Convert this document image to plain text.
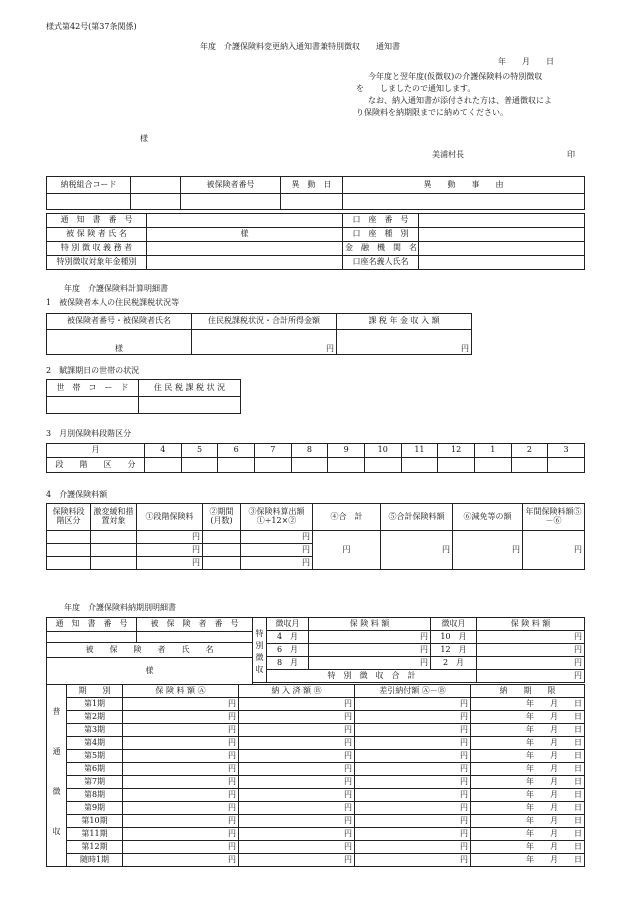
様式第42号(第37条関係)
年度　介護保険料変更納入通知書兼特別徴収　　通知書
年　　月　　日
今年度と翌年度(仮徴収)の介護保険料の特別徴収
を　　しましたので通知します。
なお、納入通知書が添付された方は、普通徴収によ
り保険料を納期限までに納めてください。
様
美浦村長	印
納税組合コード		被保険者番号	異　動　日	異　　動　　事　　由

通　知　書　番　号		口　座　番　号	
被 保 険 者 氏 名	様	口　座　種　別	
特 別 徴 収 義 務 者		金　融　機　関　名	
特別徴収対象年金種別		口座名義人氏名	
年度　介護保険料計算明細書
1　被保険者本人の住民税課税状況等
被保険者番号・被保険者氏名	住民税課税状況・合計所得金額	課 税 年 金 収 入 額
様	円	円
2　賦課期日の世帯の状況
世　帯　コ　ー　ド	住 民 税 課 税 状 況

3　月別保険料段階区分
月	4	5	6	7	8	9	10	11	12	1	2	3
段　　階　　区　　分												
4　介護保険料額
保険料段階区分	激変緩和措置対象	①段階保険料	②期間(月数)	③保険料算出額①÷12×②	④合　計	⑤合計保険料額	⑥減免等の額	年間保険料額⑤－⑥
		円		円	円	円	円	円
		円		円				
		円		円				
年度　介護保険料納期別明細書
通　知　書　番　号	被　保　険　者　番　号

被　　保　　険　　者　　氏　　名	
様	
特
別
徴
収	徴収月	保 険 料 額	徴収月	保 険 料 額
	4　月	円	10　月	円
	6　月	円	12　月	円
	8　月	円	2　月	円
	特　別　徴　収　合　計			円
普
通
徴
収	期　　別	保 険 料 額 Ⓐ	納 入 済 額 Ⓑ	差引納付額 Ⓐ－Ⓑ	納　　期　　限
	第1期	円	円	円	年　　月　　日
	第2期	円	円	円	年　　月　　日
	第3期	円	円	円	年　　月　　日
	第4期	円	円	円	年　　月　　日
	第5期	円	円	円	年　　月　　日
	第6期	円	円	円	年　　月　　日
	第7期	円	円	円	年　　月　　日
	第8期	円	円	円	年　　月　　日
	第9期	円	円	円	年　　月　　日
	第10期	円	円	円	年　　月　　日
	第11期	円	円	円	年　　月　　日
	第12期	円	円	円	年　　月　　日
	随時1期	円	円	円	年　　月　　日
